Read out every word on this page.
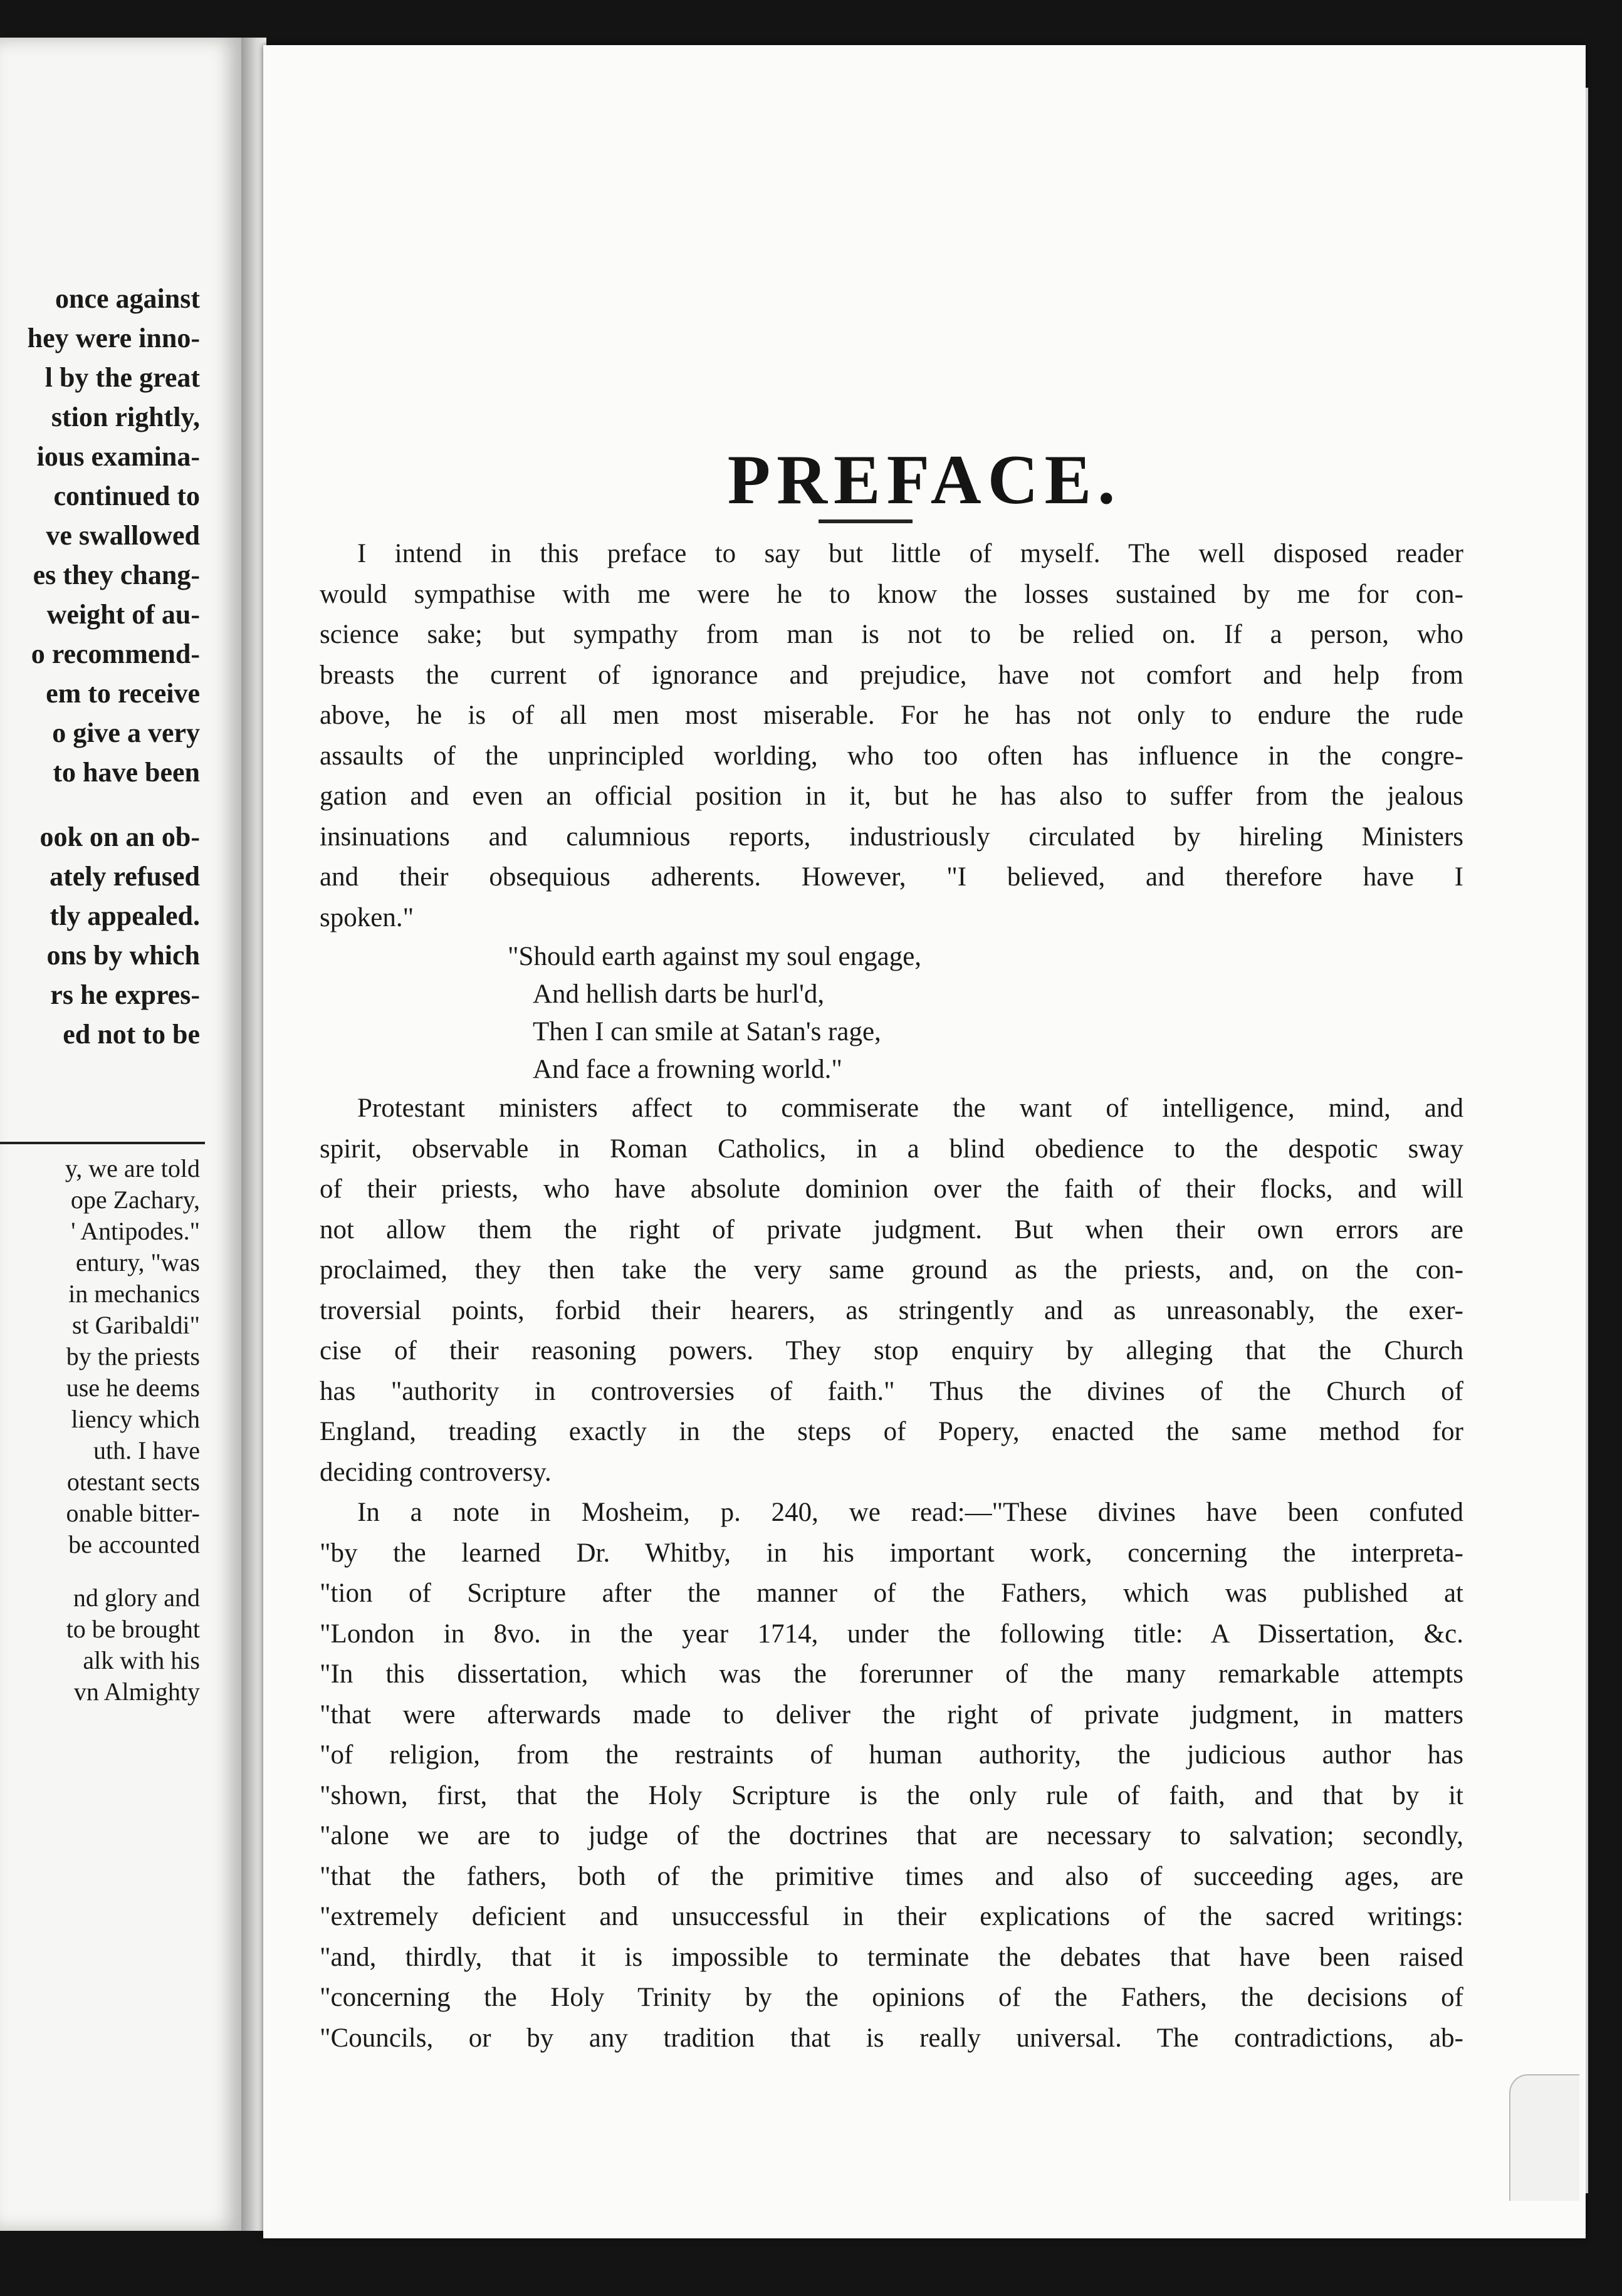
once against
hey were inno-
l by the great
stion rightly,
ious examina-
continued to
ve swallowed
es they chang-
weight of au-
o recommend-
em to receive
o give a very
to have been
ook on an ob-
ately refused
tly appealed.
ons by which
rs he expres-
ed not to be
y, we are told
ope Zachary,
' Antipodes."
entury, "was
in mechanics
st Garibaldi"
by the priests
use he deems
liency which
uth. I have
otestant sects
onable bitter-
be accounted
nd glory and
to be brought
alk with his
vn Almighty
PREFACE.
I intend in this preface to say but little of myself. The well disposed reader
would sympathise with me were he to know the losses sustained by me for con-
science sake; but sympathy from man is not to be relied on. If a person, who
breasts the current of ignorance and prejudice, have not comfort and help from
above, he is of all men most miserable. For he has not only to endure the rude
assaults of the unprincipled worlding, who too often has influence in the congre-
gation and even an official position in it, but he has also to suffer from the jealous
insinuations and calumnious reports, industriously circulated by hireling Ministers
and their obsequious adherents. However, "I believed, and therefore have I
spoken."
"Should earth against my soul engage,
And hellish darts be hurl'd,
Then I can smile at Satan's rage,
And face a frowning world."
Protestant ministers affect to commiserate the want of intelligence, mind, and
spirit, observable in Roman Catholics, in a blind obedience to the despotic sway
of their priests, who have absolute dominion over the faith of their flocks, and will
not allow them the right of private judgment. But when their own errors are
proclaimed, they then take the very same ground as the priests, and, on the con-
troversial points, forbid their hearers, as stringently and as unreasonably, the exer-
cise of their reasoning powers. They stop enquiry by alleging that the Church
has "authority in controversies of faith." Thus the divines of the Church of
England, treading exactly in the steps of Popery, enacted the same method for
deciding controversy.
In a note in Mosheim, p. 240, we read:—"These divines have been confuted
"by the learned Dr. Whitby, in his important work, concerning the interpreta-
"tion of Scripture after the manner of the Fathers, which was published at
"London in 8vo. in the year 1714, under the following title: A Dissertation, &c.
"In this dissertation, which was the forerunner of the many remarkable attempts
"that were afterwards made to deliver the right of private judgment, in matters
"of religion, from the restraints of human authority, the judicious author has
"shown, first, that the Holy Scripture is the only rule of faith, and that by it
"alone we are to judge of the doctrines that are necessary to salvation; secondly,
"that the fathers, both of the primitive times and also of succeeding ages, are
"extremely deficient and unsuccessful in their explications of the sacred writings:
"and, thirdly, that it is impossible to terminate the debates that have been raised
"concerning the Holy Trinity by the opinions of the Fathers, the decisions of
"Councils, or by any tradition that is really universal. The contradictions, ab-
